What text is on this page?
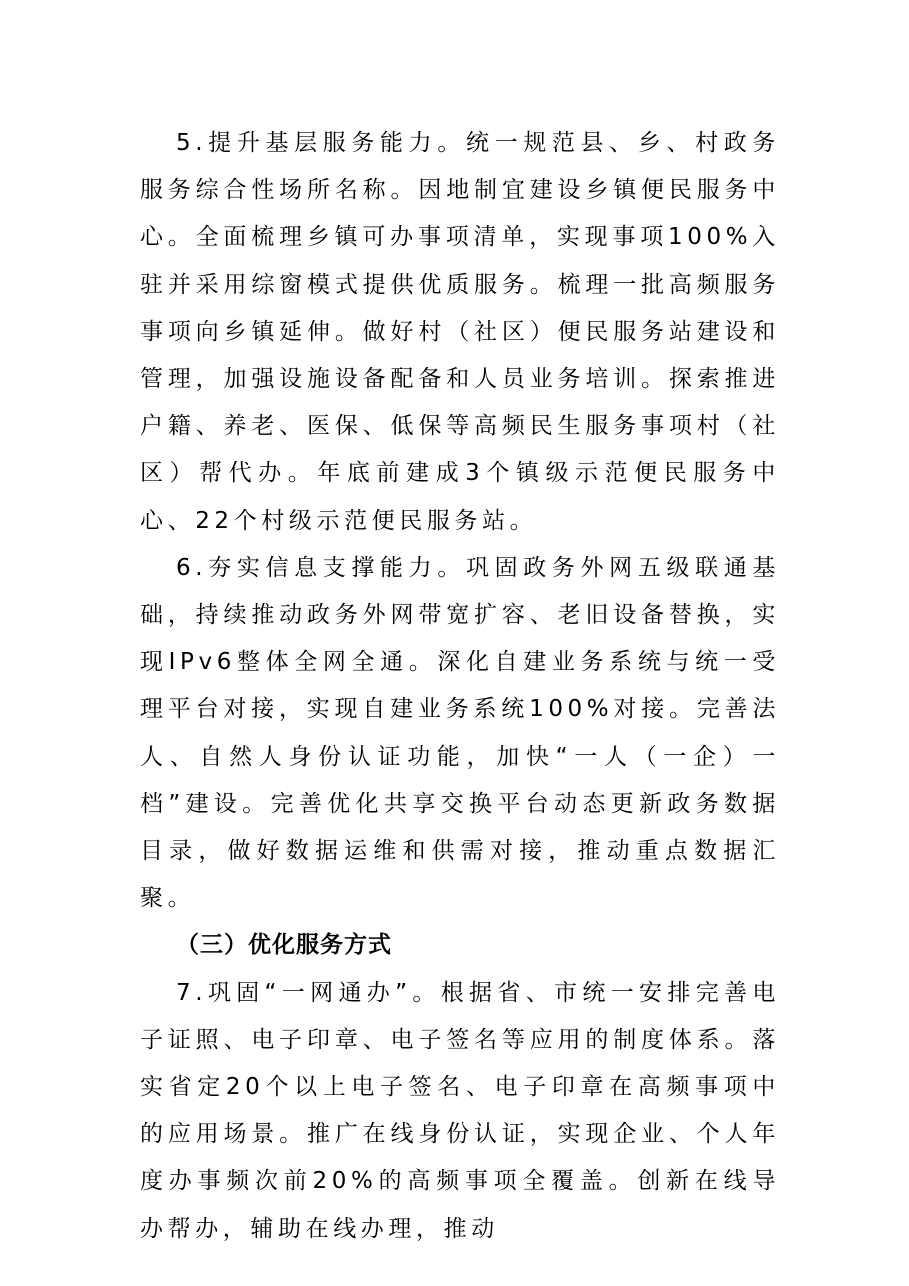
5.提升基层服务能力。统一规范县、乡、村政务服务综合性场所名称。因地制宜建设乡镇便民服务中心。全面梳理乡镇可办事项清单，实现事项100%入驻并采用综窗模式提供优质服务。梳理一批高频服务事项向乡镇延伸。做好村（社区）便民服务站建设和管理，加强设施设备配备和人员业务培训。探索推进户籍、养老、医保、低保等高频民生服务事项村（社区）帮代办。年底前建成3个镇级示范便民服务中心、22个村级示范便民服务站。

6.夯实信息支撑能力。巩固政务外网五级联通基础，持续推动政务外网带宽扩容、老旧设备替换，实现IPv6整体全网全通。深化自建业务系统与统一受理平台对接，实现自建业务系统100%对接。完善法人、自然人身份认证功能，加快“一人（一企）一档”建设。完善优化共享交换平台动态更新政务数据目录，做好数据运维和供需对接，推动重点数据汇聚。

（三）优化服务方式

7.巩固“一网通办”。根据省、市统一安排完善电子证照、电子印章、电子签名等应用的制度体系。落实省定20个以上电子签名、电子印章在高频事项中的应用场景。推广在线身份认证，实现企业、个人年度办事频次前20%的高频事项全覆盖。创新在线导办帮办，辅助在线办理，推动
